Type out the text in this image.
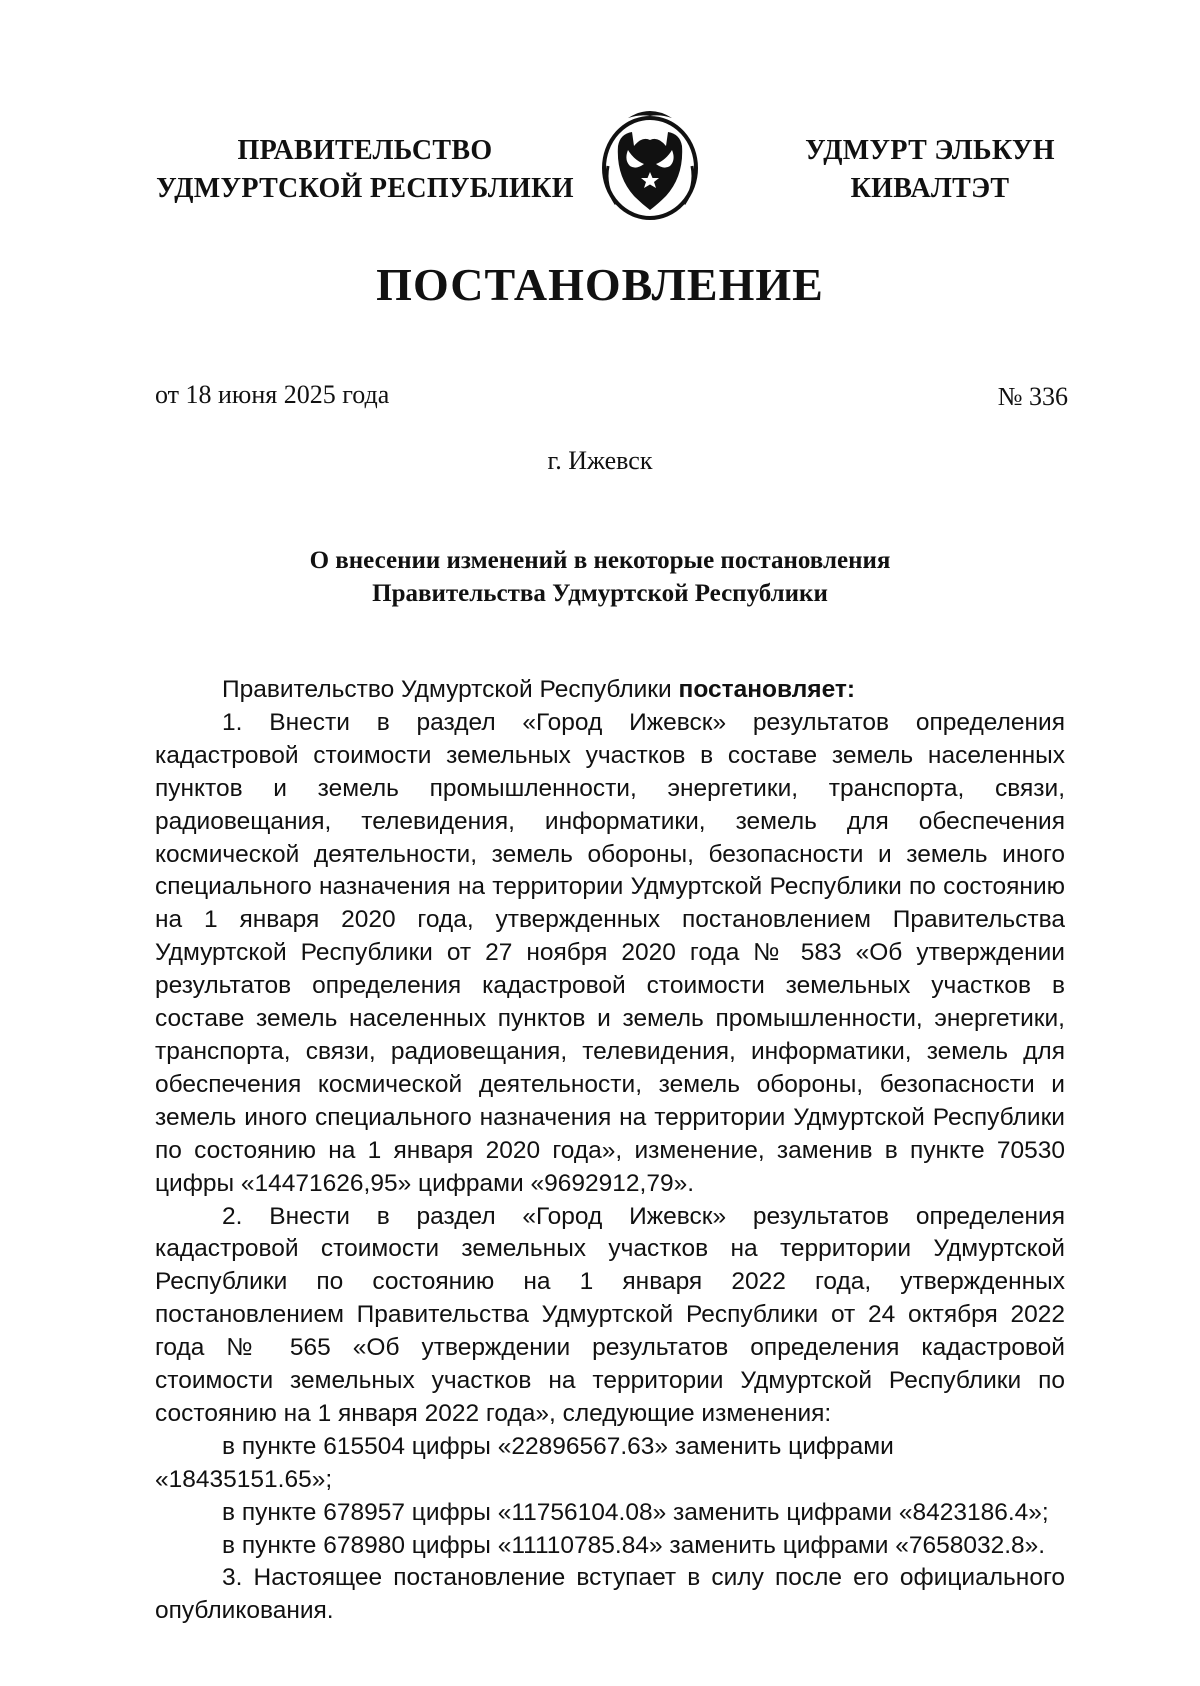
ПРАВИТЕЛЬСТВО
УДМУРТСКОЙ РЕСПУБЛИКИ
УДМУРТ ЭЛЬКУН
КИВАЛТЭТ
ПОСТАНОВЛЕНИЕ
от 18 июня 2025 года	№ 336
г. Ижевск
О внесении изменений в некоторые постановления
Правительства Удмуртской Республики

Правительство Удмуртской Республики постановляет:

1. Внести в раздел «Город Ижевск» результатов определения кадастровой стоимости земельных участков в составе земель населенных пунктов и земель промышленности, энергетики, транспорта, связи, радиовещания, телевидения, информатики, земель для обеспечения космической деятельности, земель обороны, безопасности и земель иного специального назначения на территории Удмуртской Республики по состоянию на 1 января 2020 года, утвержденных постановлением Правительства Удмуртской Республики от 27 ноября 2020 года № 583 «Об утверждении результатов определения кадастровой стоимости земельных участков в составе земель населенных пунктов и земель промышленности, энергетики, транспорта, связи, радиовещания, телевидения, информатики, земель для обеспечения космической деятельности, земель обороны, безопасности и земель иного специального назначения на территории Удмуртской Республики по состоянию на 1 января 2020 года», изменение, заменив в пункте 70530 цифры «14471626,95» цифрами «9692912,79».

2. Внести в раздел «Город Ижевск» результатов определения кадастровой стоимости земельных участков на территории Удмуртской Республики по состоянию на 1 января 2022 года, утвержденных постановлением Правительства Удмуртской Республики от 24 октября 2022 года № 565 «Об утверждении результатов определения кадастровой стоимости земельных участков на территории Удмуртской Республики по состоянию на 1 января 2022 года», следующие изменения:

в пункте 615504 цифры «22896567.63» заменить цифрами «18435151.65»;

в пункте 678957 цифры «11756104.08» заменить цифрами «8423186.4»;

в пункте 678980 цифры «11110785.84» заменить цифрами «7658032.8».

3. Настоящее постановление вступает в силу после его официального опубликования.
